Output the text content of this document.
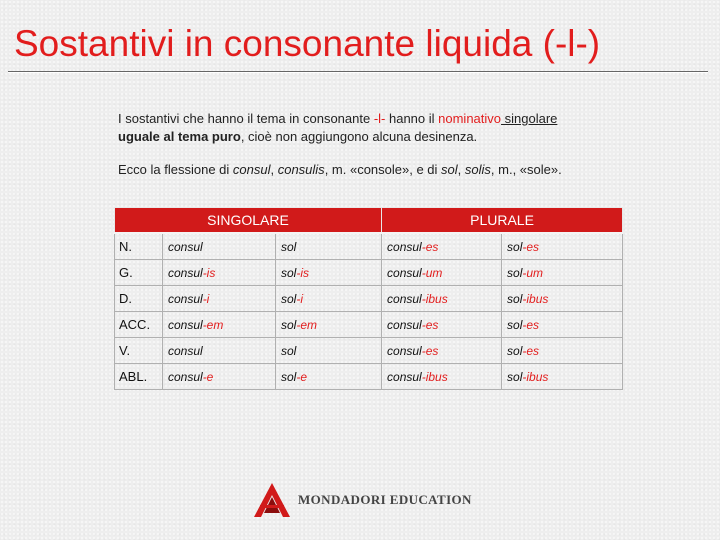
Sostantivi in consonante liquida (-l-)
I sostantivi che hanno il tema in consonante -l- hanno il nominativo singolare
uguale al tema puro, cioè non aggiungono alcuna desinenza.
Ecco la flessione di consul, consulis, m. «console», e di sol, solis, m., «sole».
SINGOLARE			PLURALE	
N.	consul	sol	consul-es	sol-es
G.	consul-is	sol-is	consul-um	sol-um
D.	consul-i	sol-i	consul-ibus	sol-ibus
ACC.	consul-em	sol-em	consul-es	sol-es
V.	consul	sol	consul-es	sol-es
ABL.	consul-e	sol-e	consul-ibus	sol-ibus
MONDADORI EDUCATION
